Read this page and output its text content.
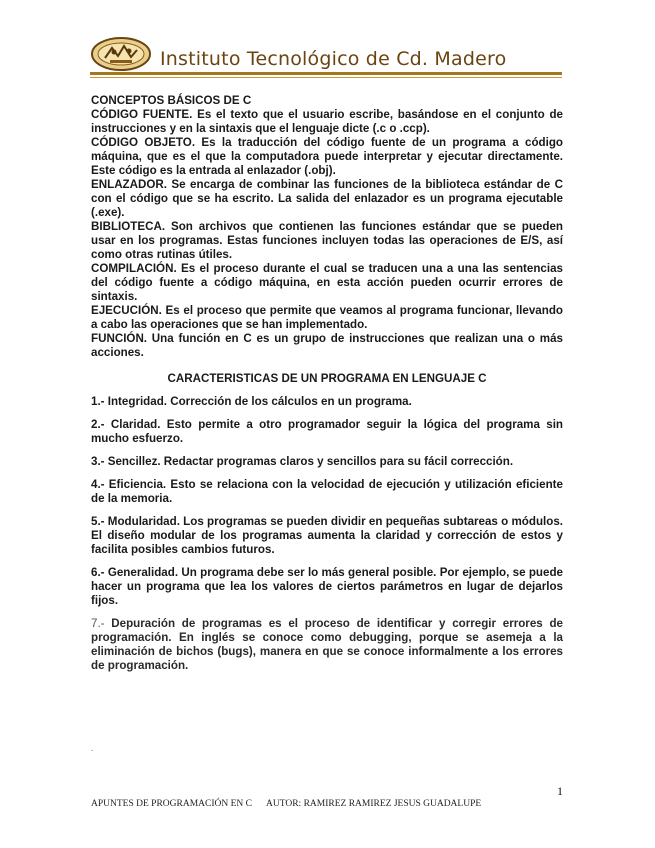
Instituto Tecnológico de Cd. Madero

CONCEPTOS BÁSICOS DE C

CÓDIGO FUENTE. Es el texto que el usuario escribe, basándose en el conjunto de instrucciones y en la sintaxis que el lenguaje dicte (.c o .ccp).

CÓDIGO OBJETO. Es la traducción del código fuente de un programa a código máquina, que es el que la computadora puede interpretar y ejecutar directamente. Este código es la entrada al enlazador (.obj).

ENLAZADOR. Se encarga de combinar las funciones de la biblioteca estándar de C con el código que se ha escrito. La salida del enlazador es un programa ejecutable (.exe).

BIBLIOTECA. Son archivos que contienen las funciones estándar que se pueden usar en los programas. Estas funciones incluyen todas las operaciones de E/S, así como otras rutinas útiles.

COMPILACIÓN. Es el proceso durante el cual se traducen una a una las sentencias del código fuente a código máquina, en esta acción pueden ocurrir errores de sintaxis.

EJECUCIÓN. Es el proceso que permite que veamos al programa funcionar, llevando a cabo las operaciones que se han implementado.

FUNCIÓN. Una función en C es un grupo de instrucciones que realizan una o más acciones.

CARACTERISTICAS DE UN PROGRAMA EN LENGUAJE C

1.- Integridad. Corrección de los cálculos en un programa.

2.- Claridad. Esto permite a otro programador seguir la lógica del programa sin mucho esfuerzo.

3.- Sencillez. Redactar programas claros y sencillos para su fácil corrección.

4.- Eficiencia. Esto se relaciona con la velocidad de ejecución y utilización eficiente de la memoria.

5.- Modularidad. Los programas se pueden dividir en pequeñas subtareas o módulos. El diseño modular de los programas aumenta la claridad y corrección de estos y facilita posibles cambios futuros.

6.- Generalidad. Un programa debe ser lo más general posible. Por ejemplo, se puede hacer un programa que lea los valores de ciertos parámetros en lugar de dejarlos fijos.

7.- Depuración de programas es el proceso de identificar y corregir errores de programación. En inglés se conoce como debugging, porque se asemeja a la eliminación de bichos (bugs), manera en que se conoce informalmente a los errores de programación.

.
1
APUNTES DE PROGRAMACIÓN EN C AUTOR: RAMIREZ RAMIREZ JESUS GUADALUPE
